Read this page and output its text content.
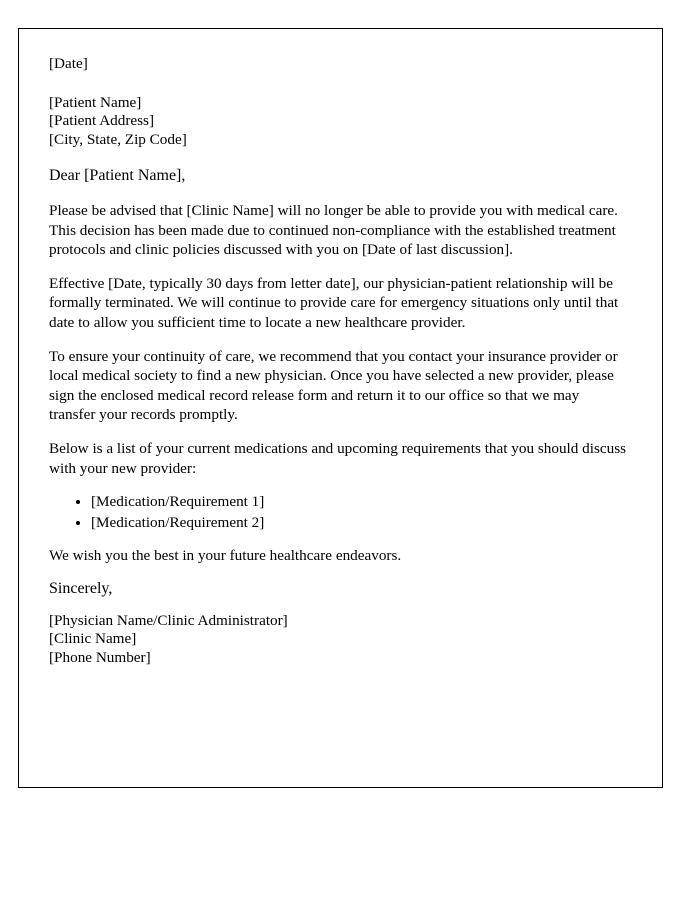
[Date]
[Patient Name]
[Patient Address]
[City, State, Zip Code]
Dear [Patient Name],
Please be advised that [Clinic Name] will no longer be able to provide you with medical care. This decision has been made due to continued non-compliance with the established treatment protocols and clinic policies discussed with you on [Date of last discussion].
Effective [Date, typically 30 days from letter date], our physician-patient relationship will be formally terminated. We will continue to provide care for emergency situations only until that date to allow you sufficient time to locate a new healthcare provider.
To ensure your continuity of care, we recommend that you contact your insurance provider or local medical society to find a new physician. Once you have selected a new provider, please sign the enclosed medical record release form and return it to our office so that we may transfer your records promptly.
Below is a list of your current medications and upcoming requirements that you should discuss with your new provider:
• [Medication/Requirement 1]
• [Medication/Requirement 2]
We wish you the best in your future healthcare endeavors.
Sincerely,
[Physician Name/Clinic Administrator]
[Clinic Name]
[Phone Number]
